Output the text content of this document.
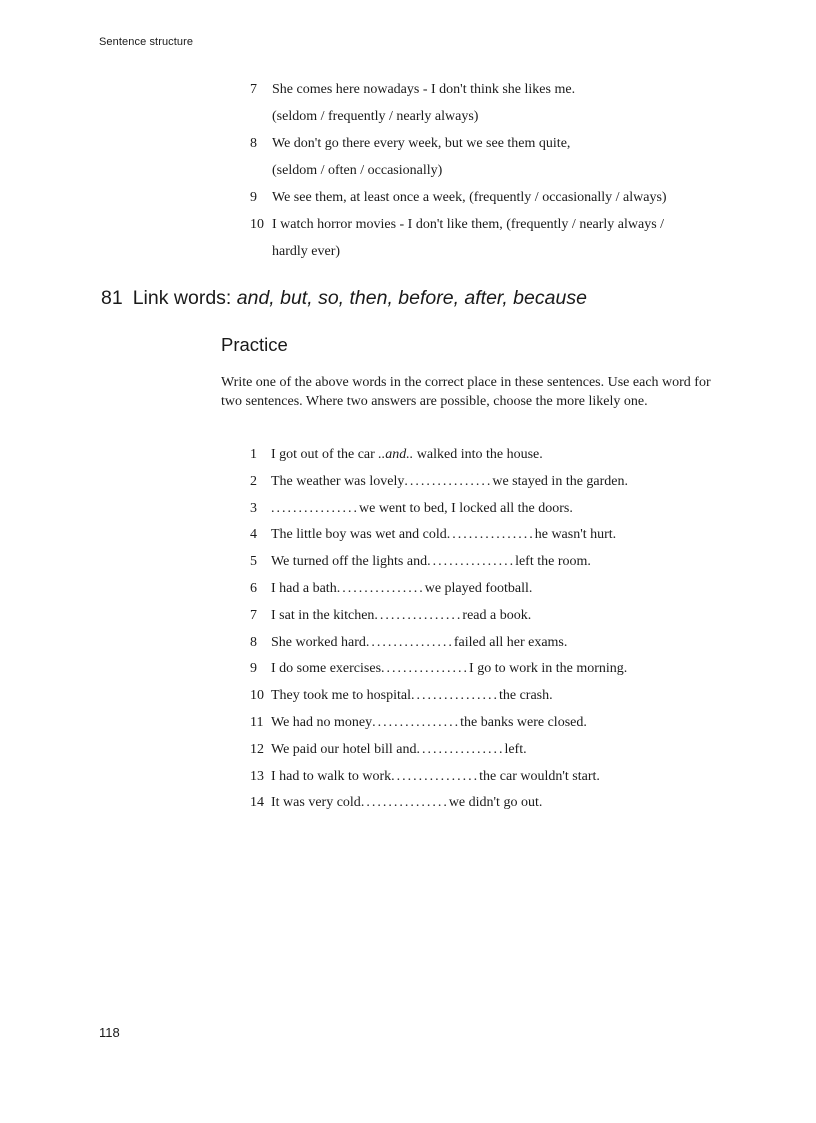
Sentence structure
7	She comes here nowadays - I don't think she likes me.
(seldom / frequently / nearly always)
8	We don't go there every week, but we see them quite,
(seldom / often / occasionally)
9	We see them, at least once a week, (frequently / occasionally / always)
10 I watch horror movies - I don't like them, (frequently / nearly always /
hardly ever)
81 Link words: and, but, so, then, before, after, because
Practice
Write one of the above words in the correct place in these sentences. Use each word for two sentences. Where two answers are possible, choose the more likely one.
1	I got out of the car ..and.. walked into the house.
2	The weather was lovely................we stayed in the garden.
3	................we went to bed, I locked all the doors.
4	The little boy was wet and cold................he wasn't hurt.
5	We turned off the lights and................left the room.
6	I had a bath................we played football.
7	I sat in the kitchen................read a book.
8	She worked hard................failed all her exams.
9	I do some exercises................I go to work in the morning.
10 They took me to hospital................the crash.
11 We had no money................the banks were closed.
12 We paid our hotel bill and................left.
13 I had to walk to work................the car wouldn't start.
14 It was very cold................we didn't go out.
118
